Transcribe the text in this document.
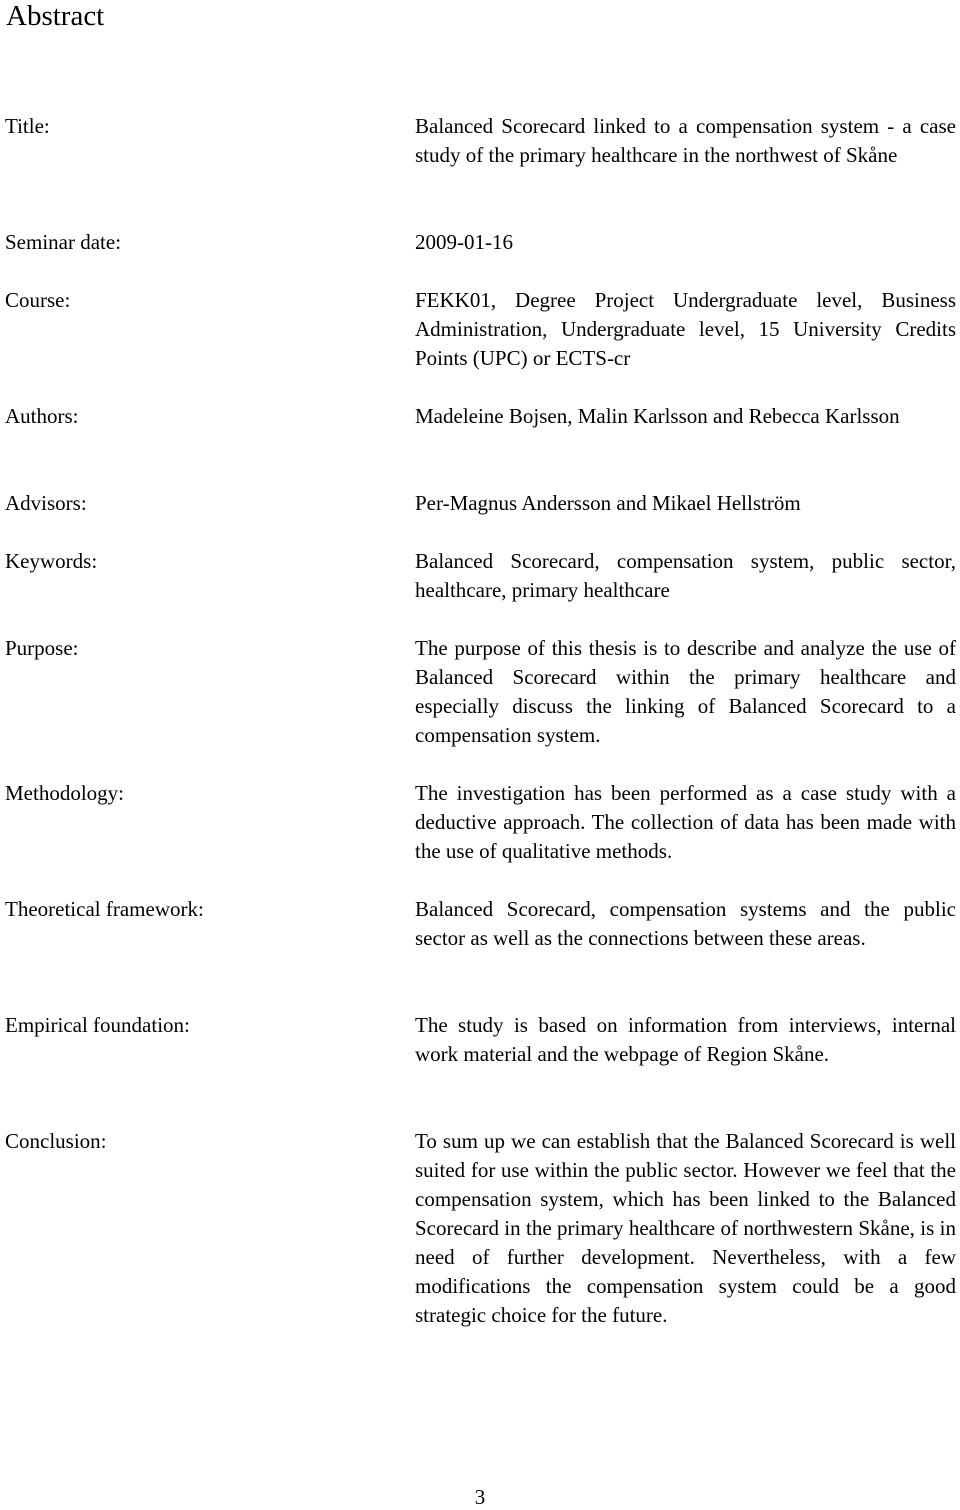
Abstract
Title:	Balanced Scorecard linked to a compensation system - a case study of the primary healthcare in the northwest of Skåne

Seminar date:	2009-01-16

Course:	FEKK01, Degree Project Undergraduate level, Business Administration, Undergraduate level, 15 University Credits Points (UPC) or ECTS-cr

Authors:	Madeleine Bojsen, Malin Karlsson and Rebecca Karlsson

Advisors:	Per-Magnus Andersson and Mikael Hellström

Keywords:	Balanced Scorecard, compensation system, public sector, healthcare, primary healthcare

Purpose:	The purpose of this thesis is to describe and analyze the use of Balanced Scorecard within the primary healthcare and especially discuss the linking of Balanced Scorecard to a compensation system.

Methodology:	The investigation has been performed as a case study with a deductive approach. The collection of data has been made with the use of qualitative methods.

Theoretical framework:	Balanced Scorecard, compensation systems and the public sector as well as the connections between these areas.

Empirical foundation:	The study is based on information from interviews, internal work material and the webpage of Region Skåne.

Conclusion:	To sum up we can establish that the Balanced Scorecard is well suited for use within the public sector. However we feel that the compensation system, which has been linked to the Balanced Scorecard in the primary healthcare of northwestern Skåne, is in need of further development. Nevertheless, with a few modifications the compensation system could be a good strategic choice for the future.

3
